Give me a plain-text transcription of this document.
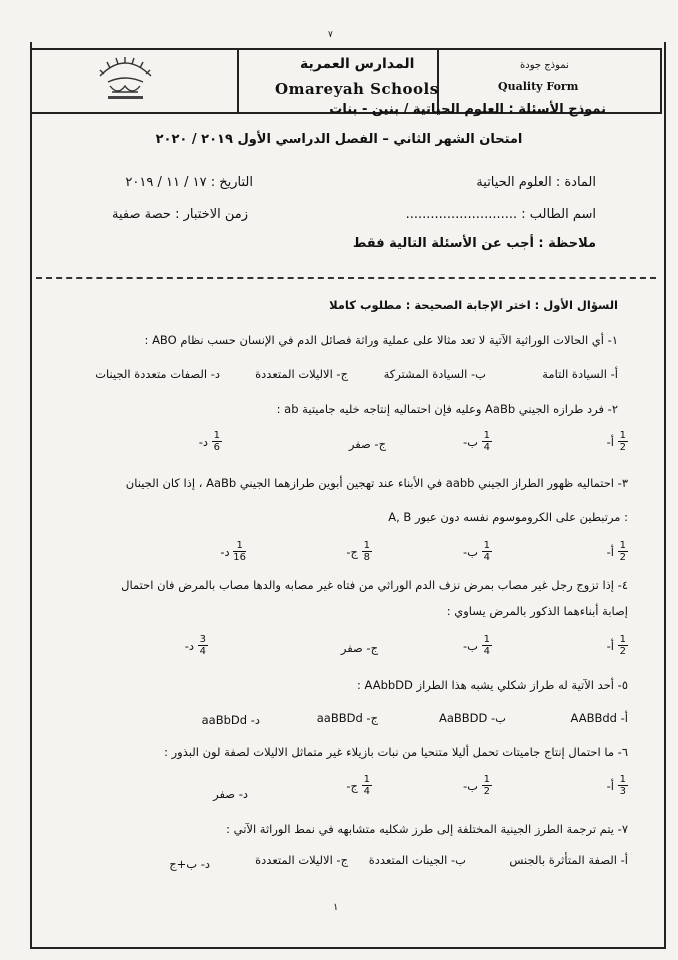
٧
المدارس العمرية
Omareyah Schools
نموذج جودة
Quality Form
نموذج الأسئلة : العلوم الحياتية / بنين - بنات
امتحان الشهر الثاني – الفصل الدراسي الأول ٢٠١٩ / ٢٠٢٠
المادة : العلوم الحياتية
التاريخ : ١٧ / ١١ / ٢٠١٩
اسم الطالب : ...........................
زمن الاختبار : حصة صفية
ملاحظة : أجب عن الأسئلة التالية فقط
السؤال الأول : اختر الإجابة الصحيحة : مطلوب كاملا
١- أي الحالات الوراثية الآتية لا تعد مثالا على عملية وراثة فصائل الدم في الإنسان حسب نظام ABO :
أ- السيادة التامة
ب- السيادة المشتركة
ج- الاليلات المتعددة
د- الصفات متعددة الجينات
٢- فرد طرازه الجيني AaBb وعليه فإن احتماليه إنتاجه خليه جاميتية ab :
أ- $\frac{1}{2}$
ب- $\frac{1}{4}$
ج- صفر
د- $\frac{1}{6}$
٣- احتماليه ظهور الطراز الجيني aabb في الأبناء عند تهجين أبوين طرازهما الجيني AaBb ، إذا كان الجينان
A, B مرتبطين على الكروموسوم نفسه دون عبور :
أ- $\frac{1}{2}$
ب- $\frac{1}{4}$
ج- $\frac{1}{8}$
د- $\frac{1}{16}$
٤- إذا تزوج رجل غير مصاب بمرض نزف الدم الوراثي من فتاه غير مصابه والدها مصاب بالمرض فان احتمال
إصابة أبناءهما الذكور بالمرض يساوي :
أ- $\frac{1}{2}$
ب- $\frac{1}{4}$
ج- صفر
د- $\frac{3}{4}$
٥- أحد الآتية له طراز شكلي يشبه هذا الطراز AAbbDD :
أ- AABBdd
ب- AaBBDD
ج- aaBBDd
د- aaBbDd
٦- ما احتمال إنتاج جاميتات تحمل أليلا متنحيا من نبات بازيلاء غير متماثل الاليلات لصفة لون البذور :
أ- $\frac{1}{3}$
ب- $\frac{1}{2}$
ج- $\frac{1}{4}$
د- صفر
٧- يتم ترجمة الطرز الجينية المختلفة إلى طرز شكليه متشابهه في نمط الوراثة الآتي :
أ- الصفة المتأثرة بالجنس
ب- الجينات المتعددة
ج- الاليلات المتعددة
د- ب+ج
١
